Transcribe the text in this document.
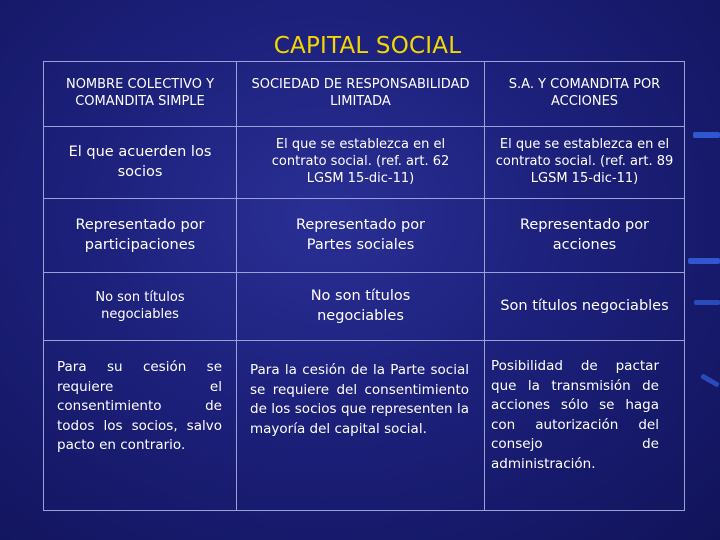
CAPITAL SOCIAL
NOMBRE COLECTIVO Y COMANDITA SIMPLE
SOCIEDAD DE RESPONSABILIDAD LIMITADA
S.A. Y COMANDITA POR ACCIONES
El que acuerden los socios
El que se establezca en el contrato social. (ref. art. 62 LGSM 15-dic-11)
El que se establezca en el contrato social. (ref. art. 89 LGSM 15-dic-11)
Representado por participaciones
Representado por Partes sociales
Representado por acciones
No son títulos negociables
No son títulos negociables
Son títulos negociables
Para su cesión se requiere el consentimiento de todos los socios, salvo pacto en contrario.
Para la cesión de la Parte social se requiere del consentimiento de los socios que representen la mayoría del capital social.
Posibilidad de pactar que la transmisión de acciones sólo se haga con autorización del consejo de administración.
